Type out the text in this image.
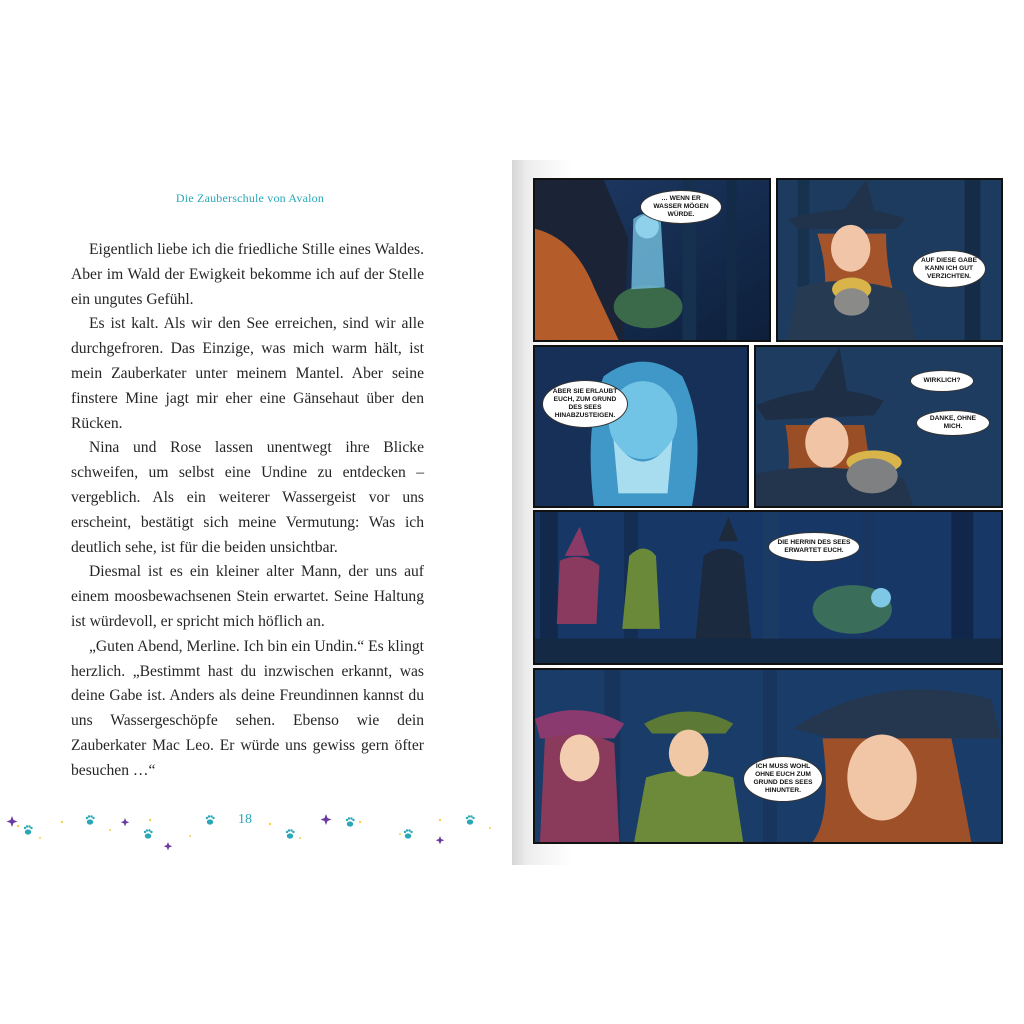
Die Zauberschule von Avalon

Eigentlich liebe ich die friedliche Stille eines Waldes. Aber im Wald der Ewigkeit bekomme ich auf der Stelle ein ungutes Gefühl.

Es ist kalt. Als wir den See erreichen, sind wir alle durchgefroren. Das Einzige, was mich warm hält, ist mein Zauberkater unter meinem Mantel. Aber seine finstere Mine jagt mir eher eine Gänsehaut über den Rücken.

Nina und Rose lassen unentwegt ihre Blicke schweifen, um selbst eine Undine zu entdecken – vergeblich. Als ein weiterer Wassergeist vor uns erscheint, bestätigt sich meine Vermutung: Was ich deutlich sehe, ist für die beiden unsichtbar.

Diesmal ist es ein kleiner alter Mann, der uns auf einem moosbewachsenen Stein erwartet. Seine Haltung ist würdevoll, er spricht mich höflich an.

„Guten Abend, Merline. Ich bin ein Undin.“ Es klingt herzlich. „Bestimmt hast du inzwischen erkannt, was deine Gabe ist. Anders als deine Freundinnen kannst du uns Wassergeschöpfe sehen. Ebenso wie dein Zauberkater Mac Leo. Er würde uns gewiss gern öfter besuchen …“

18
… WENN ER WASSER MÖGEN WÜRDE.
AUF DIESE GABE KANN ICH GUT VERZICHTEN.
ABER SIE ERLAUBT EUCH, ZUM GRUND DES SEES HINABZUSTEIGEN.
WIRKLICH?
DANKE, OHNE MICH.
DIE HERRIN DES SEES ERWARTET EUCH.
ICH MUSS WOHL OHNE EUCH ZUM GRUND DES SEES HINUNTER.
